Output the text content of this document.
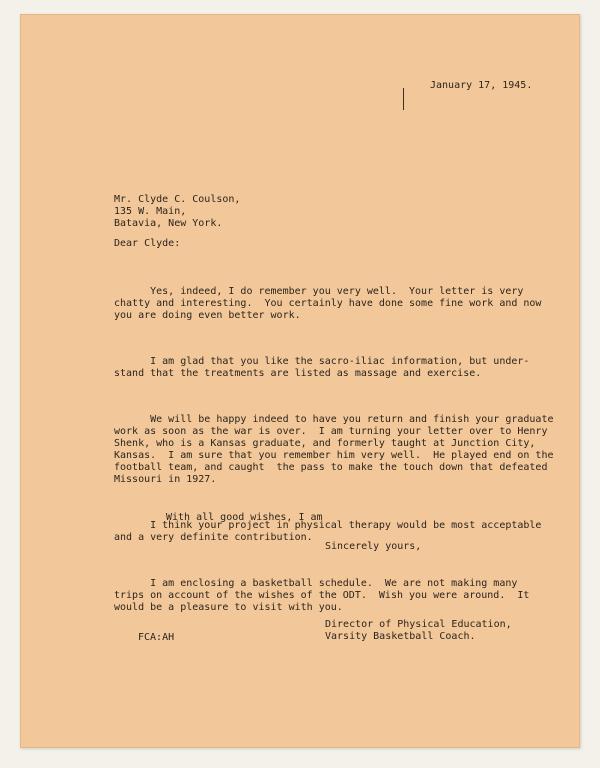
January 17, 1945.
Mr. Clyde C. Coulson,
135 W. Main,
Batavia, New York.
Dear Clyde:

Yes, indeed, I do remember you very well.  Your letter is very
chatty and interesting.  You certainly have done some fine work and now
you are doing even better work.

I am glad that you like the sacro-iliac information, but under-
stand that the treatments are listed as massage and exercise.

We will be happy indeed to have you return and finish your graduate
work as soon as the war is over.  I am turning your letter over to Henry
Shenk, who is a Kansas graduate, and formerly taught at Junction City,
Kansas.  I am sure that you remember him very well.  He played end on the
football team, and caught  the pass to make the touch down that defeated
Missouri in 1927.

I think your project in physical therapy would be most acceptable
and a very definite contribution.

I am enclosing a basketball schedule.  We are not making many
trips on account of the wishes of the ODT.  Wish you were around.  It
would be a pleasure to visit with you.

With all good wishes, I am
Sincerely yours,
Director of Physical Education,
Varsity Basketball Coach.
FCA:AH
